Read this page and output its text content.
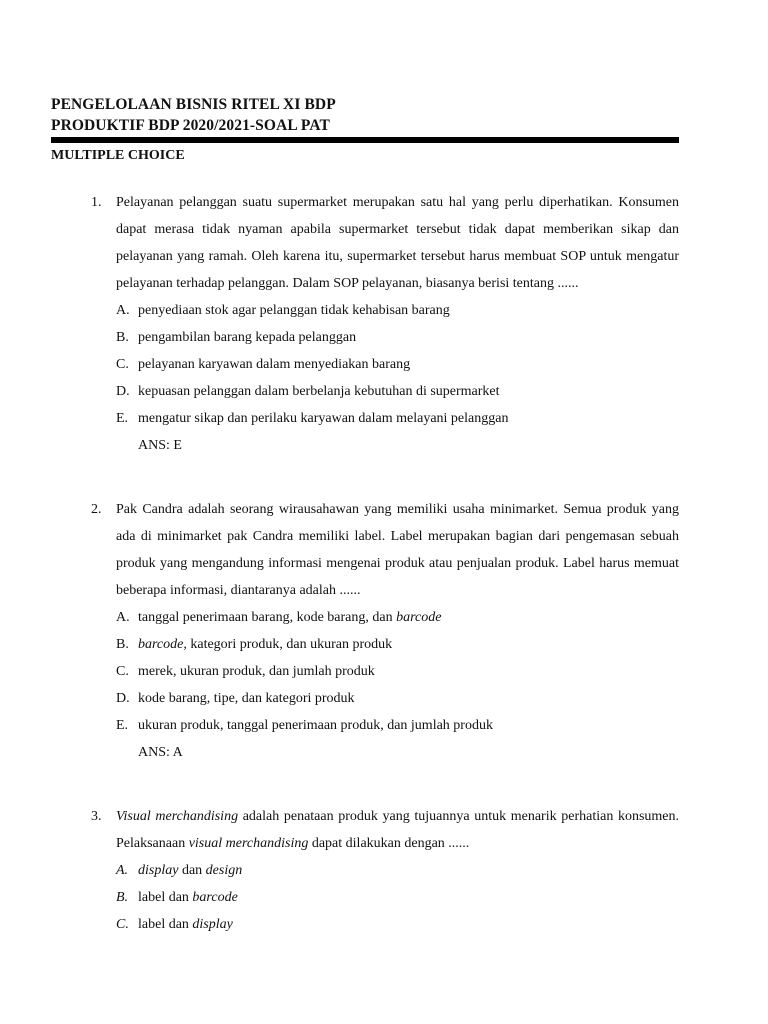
PENGELOLAAN BISNIS RITEL XI BDP
PRODUKTIF BDP 2020/2021-SOAL PAT
MULTIPLE CHOICE
1.	Pelayanan pelanggan suatu supermarket merupakan satu hal yang perlu diperhatikan. Konsumen dapat merasa tidak nyaman apabila supermarket tersebut tidak dapat memberikan sikap dan pelayanan yang ramah. Oleh karena itu, supermarket tersebut harus membuat SOP untuk mengatur pelayanan terhadap pelanggan. Dalam SOP pelayanan, biasanya berisi tentang ......

A. penyediaan stok agar pelanggan tidak kehabisan barang
B. pengambilan barang kepada pelanggan
C. pelayanan karyawan dalam menyediakan barang
D. kepuasan pelanggan dalam berbelanja kebutuhan di supermarket
E. mengatur sikap dan perilaku karyawan dalam melayani pelanggan
ANS: E
2.	Pak Candra adalah seorang wirausahawan yang memiliki usaha minimarket. Semua produk yang ada di minimarket pak Candra memiliki label. Label merupakan bagian dari pengemasan sebuah produk yang mengandung informasi mengenai produk atau penjualan produk. Label harus memuat beberapa informasi, diantaranya adalah ......

A. tanggal penerimaan barang, kode barang, dan barcode
B. barcode, kategori produk, dan ukuran produk
C. merek, ukuran produk, dan jumlah produk
D. kode barang, tipe, dan kategori produk
E. ukuran produk, tanggal penerimaan produk, dan jumlah produk
ANS: A
3.	Visual merchandising adalah penataan produk yang tujuannya untuk menarik perhatian konsumen. Pelaksanaan visual merchandising dapat dilakukan dengan ......

A. display dan design
B. label dan barcode
C. label dan display
